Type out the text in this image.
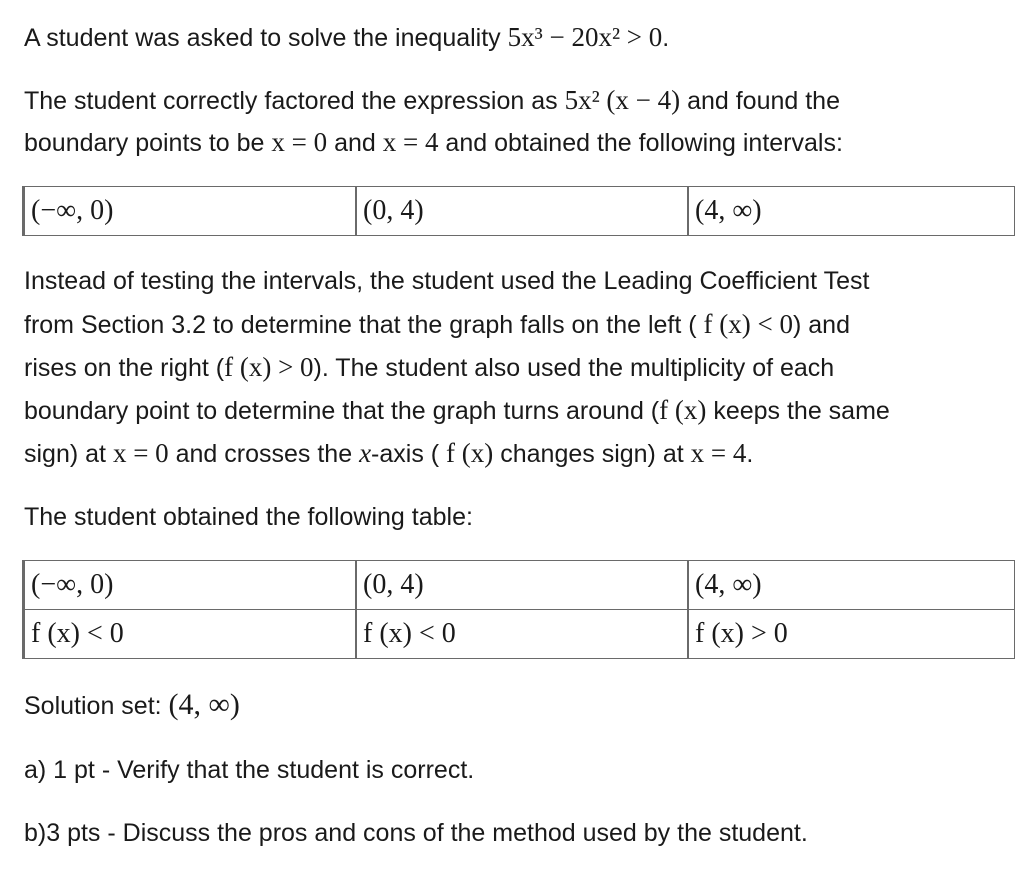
A student was asked to solve the inequality 5x³ − 20x² > 0.
The student correctly factored the expression as 5x² (x − 4) and found the
boundary points to be x = 0 and x = 4 and obtained the following intervals:
(−∞, 0)	(0, 4)	(4, ∞)
Instead of testing the intervals, the student used the Leading Coefficient Test
from Section 3.2 to determine that the graph falls on the left ( f (x) < 0) and
rises on the right (f (x) > 0). The student also used the multiplicity of each
boundary point to determine that the graph turns around (f (x) keeps the same
sign) at x = 0 and crosses the x-axis ( f (x) changes sign) at x = 4.
The student obtained the following table:
(−∞, 0)	(0, 4)	(4, ∞)
f (x) < 0	f (x) < 0	f (x) > 0
Solution set: (4, ∞)
a) 1 pt - Verify that the student is correct.
b)3 pts - Discuss the pros and cons of the method used by the student.
